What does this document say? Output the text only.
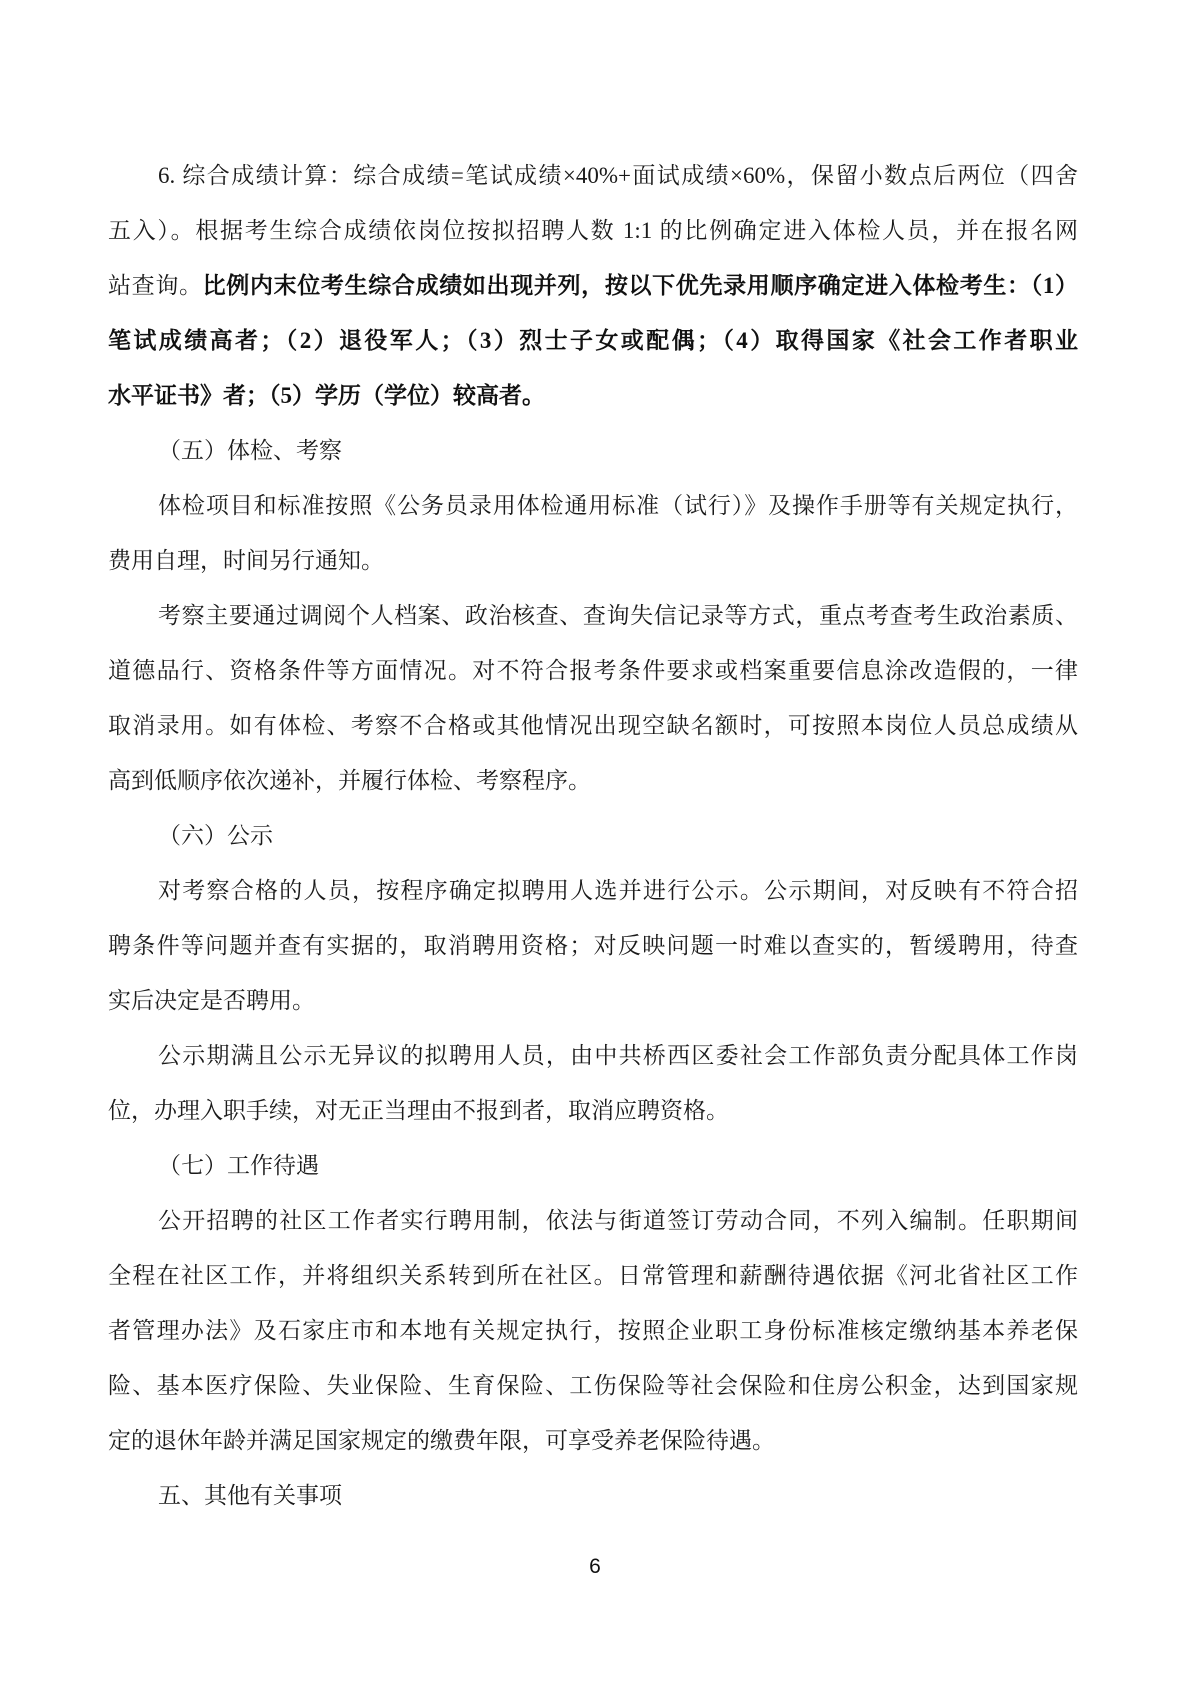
6. 综合成绩计算：综合成绩=笔试成绩×40%+面试成绩×60%，保留小数点后两位（四舍
五入）。根据考生综合成绩依岗位按拟招聘人数 1:1 的比例确定进入体检人员，并在报名网
站查询。比例内末位考生综合成绩如出现并列，按以下优先录用顺序确定进入体检考生：（1）
笔试成绩高者；（2）退役军人；（3）烈士子女或配偶；（4）取得国家《社会工作者职业
水平证书》者；（5）学历（学位）较高者。
（五）体检、考察
体检项目和标准按照《公务员录用体检通用标准（试行）》及操作手册等有关规定执行，
费用自理，时间另行通知。
考察主要通过调阅个人档案、政治核查、查询失信记录等方式，重点考查考生政治素质、
道德品行、资格条件等方面情况。对不符合报考条件要求或档案重要信息涂改造假的，一律
取消录用。如有体检、考察不合格或其他情况出现空缺名额时，可按照本岗位人员总成绩从
高到低顺序依次递补，并履行体检、考察程序。
（六）公示
对考察合格的人员，按程序确定拟聘用人选并进行公示。公示期间，对反映有不符合招
聘条件等问题并查有实据的，取消聘用资格；对反映问题一时难以查实的，暂缓聘用，待查
实后决定是否聘用。
公示期满且公示无异议的拟聘用人员，由中共桥西区委社会工作部负责分配具体工作岗
位，办理入职手续，对无正当理由不报到者，取消应聘资格。
（七）工作待遇
公开招聘的社区工作者实行聘用制，依法与街道签订劳动合同，不列入编制。任职期间
全程在社区工作，并将组织关系转到所在社区。日常管理和薪酬待遇依据《河北省社区工作
者管理办法》及石家庄市和本地有关规定执行，按照企业职工身份标准核定缴纳基本养老保
险、基本医疗保险、失业保险、生育保险、工伤保险等社会保险和住房公积金，达到国家规
定的退休年龄并满足国家规定的缴费年限，可享受养老保险待遇。
五、其他有关事项
6
